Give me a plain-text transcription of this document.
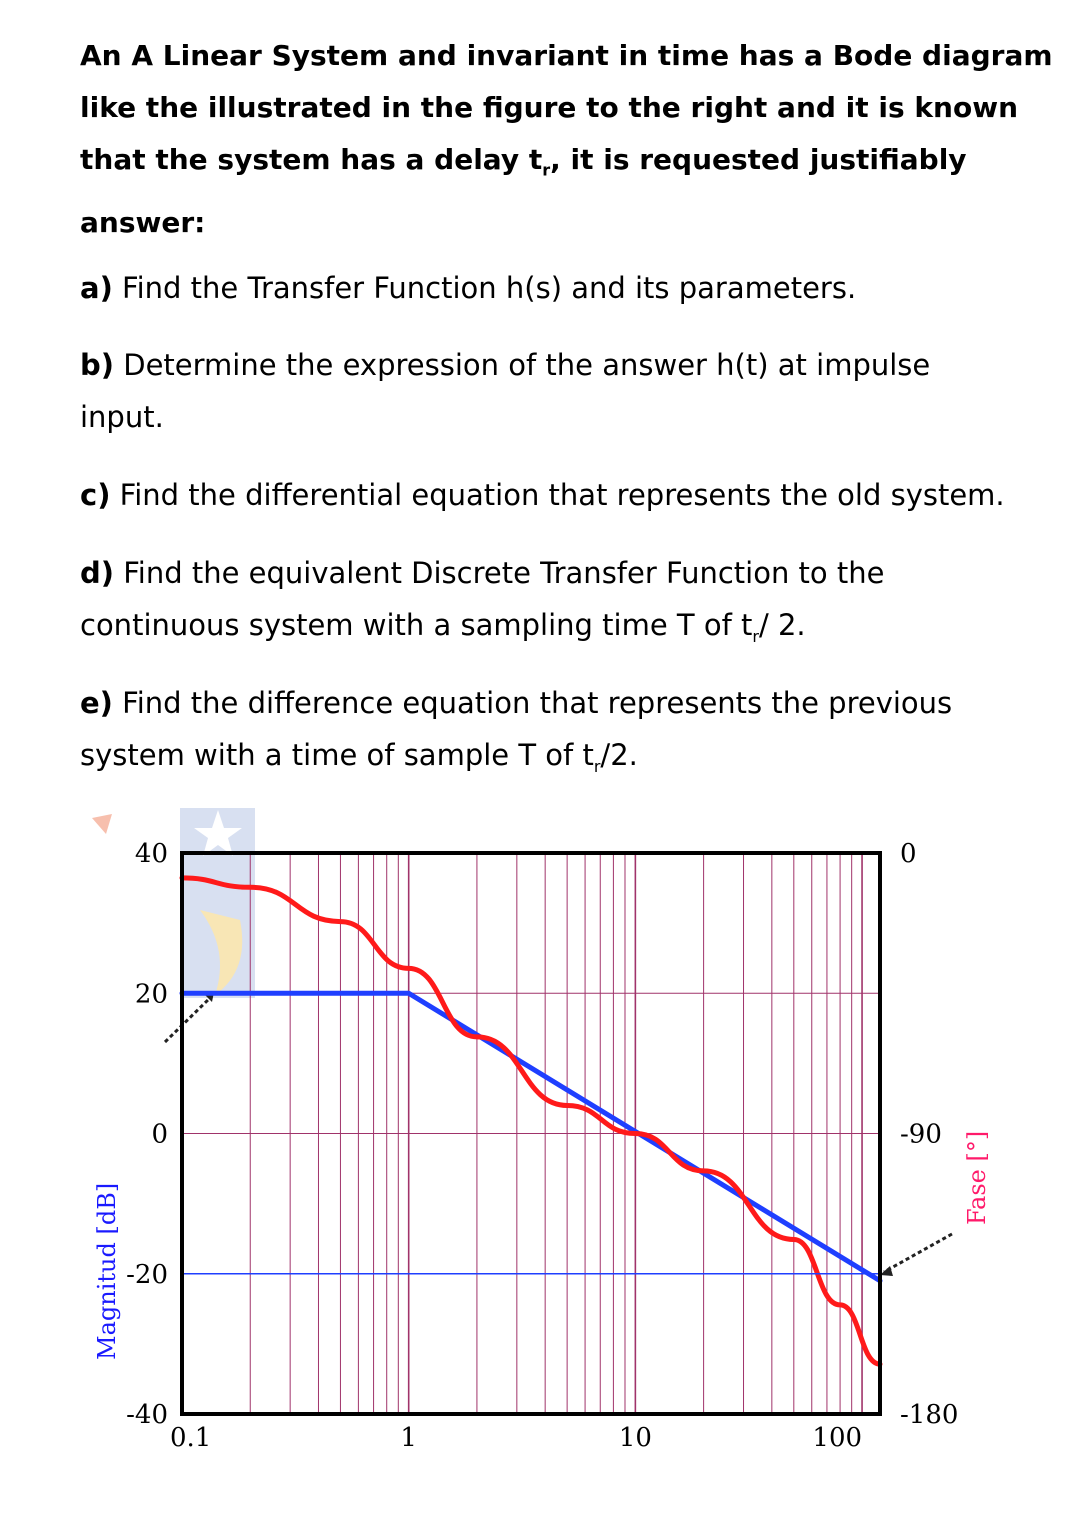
An A Linear System and invariant in time has a Bode diagram
like the illustrated in the figure to the right and it is known
that the system has a delay $t_r$, it is requested justifiably
answer:
a) Find the Transfer Function h(s) and its parameters.
b) Determine the expression of the answer h(t) at impulse
input.
c) Find the differential equation that represents the old system.
d) Find the equivalent Discrete Transfer Function to the
continuous system with a sampling time T of $t_r/$ 2.
e) Find the difference equation that represents the previous
system with a time of sample T of $t_r/2$.
40
20
0
-20
-40
0
-90
-180
0.1	1	10	100
Magnitud [dB]
Fase [°]
